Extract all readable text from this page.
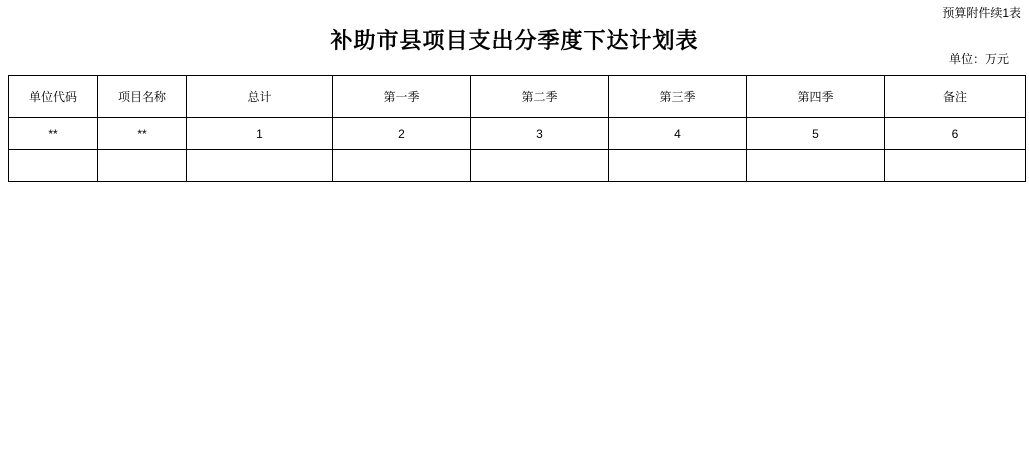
预算附件续1表
补助市县项目支出分季度下达计划表
单位：万元
单位代码	项目名称	总计	第一季	第二季	第三季	第四季	备注
**	**	1	2	3	4	5	6
